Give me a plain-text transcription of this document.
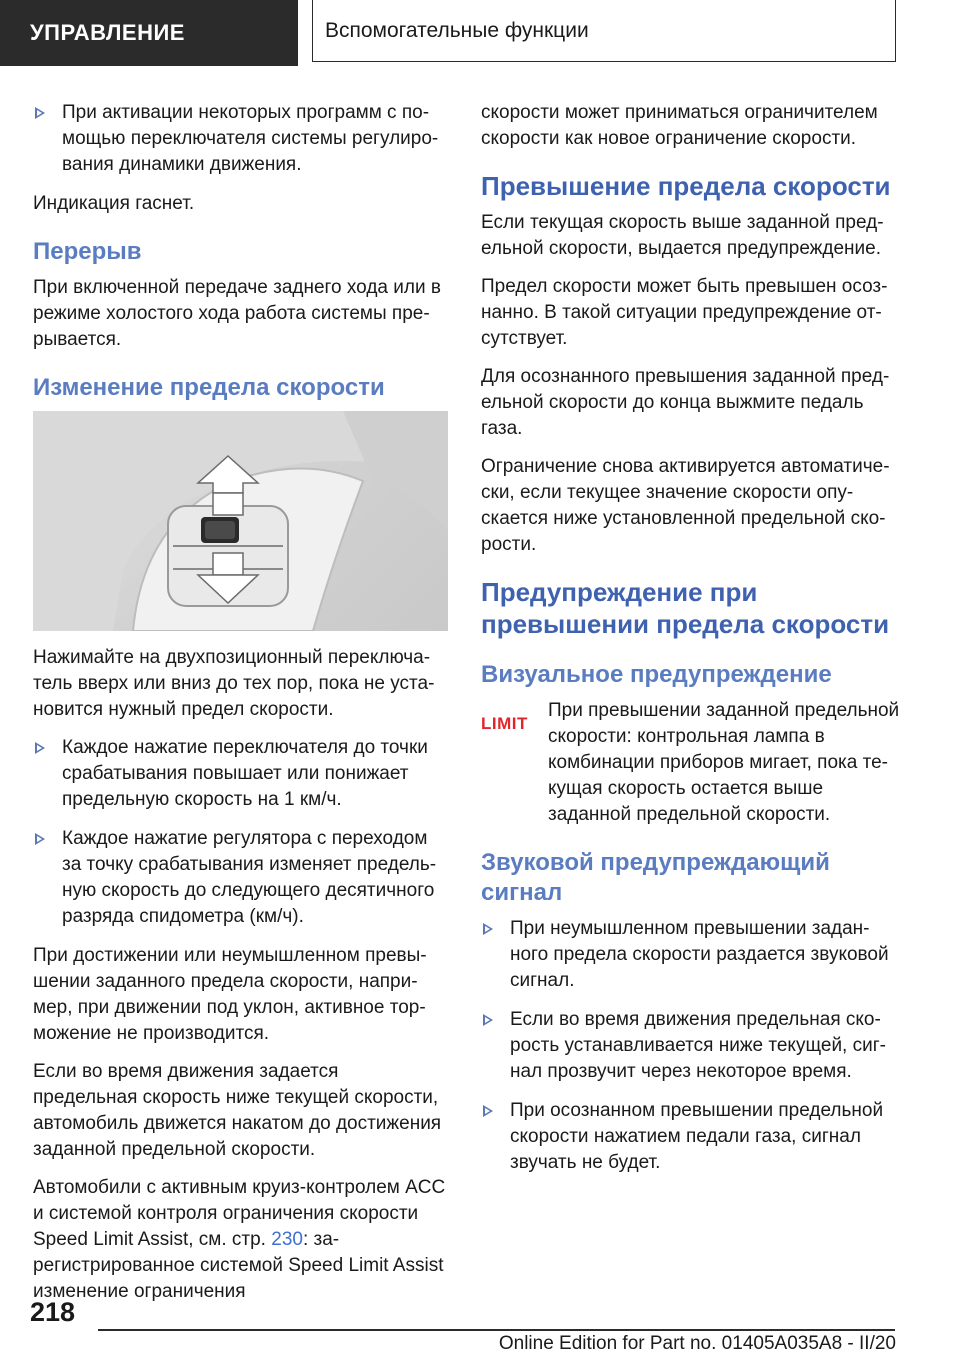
УПРАВЛЕНИЕ	Вспомогательные функции
При активации некоторых программ с помощью переключателя системы регулирования динамики движения.

Индикация гаснет.

Перерыв

При включенной передаче заднего хода или в режиме холостого хода работа системы прерывается.

Изменение предела скорости

Нажимайте на двухпозиционный переключатель вверх или вниз до тех пор, пока не установится нужный предел скорости.

Каждое нажатие переключателя до точки срабатывания повышает или понижает предельную скорость на 1 км/ч.
Каждое нажатие регулятора с переходом за точку срабатывания изменяет предельную скорость до следующего десятичного разряда спидометра (км/ч).

При достижении или неумышленном превышении заданного предела скорости, например, при движении под уклон, активное торможение не производится.

Если во время движения задается предельная скорость ниже текущей скорости, автомобиль движется накатом до достижения заданной предельной скорости.

Автомобили с активным круиз-контролем ACC и системой контроля ограничения скорости Speed Limit Assist, см. стр. 230: зарегистрированное системой Speed Limit Assist изменение ограничения

скорости может приниматься ограничителем скорости как новое ограничение скорости.

Превышение предела скорости

Если текущая скорость выше заданной предельной скорости, выдается предупреждение.

Предел скорости может быть превышен осознанно. В такой ситуации предупреждение отсутствует.

Для осознанного превышения заданной предельной скорости до конца выжмите педаль газа.

Ограничение снова активируется автоматически, если текущее значение скорости опускается ниже установленной предельной скорости.

Предупреждение при превышении предела скорости
Визуальное предупреждение
LIMIT

При превышении заданной предельной скорости: контрольная лампа в комбинации приборов мигает, пока текущая скорость остается выше заданной предельной скорости.

Звуковой предупреждающий сигнал
При неумышленном превышении заданного предела скорости раздается звуковой сигнал.
Если во время движения предельная скорость устанавливается ниже текущей, сигнал прозвучит через некоторое время.
При осознанном превышении предельной скорости нажатием педали газа, сигнал звучать не будет.
218
Online Edition for Part no. 01405A035A8 - II/20
